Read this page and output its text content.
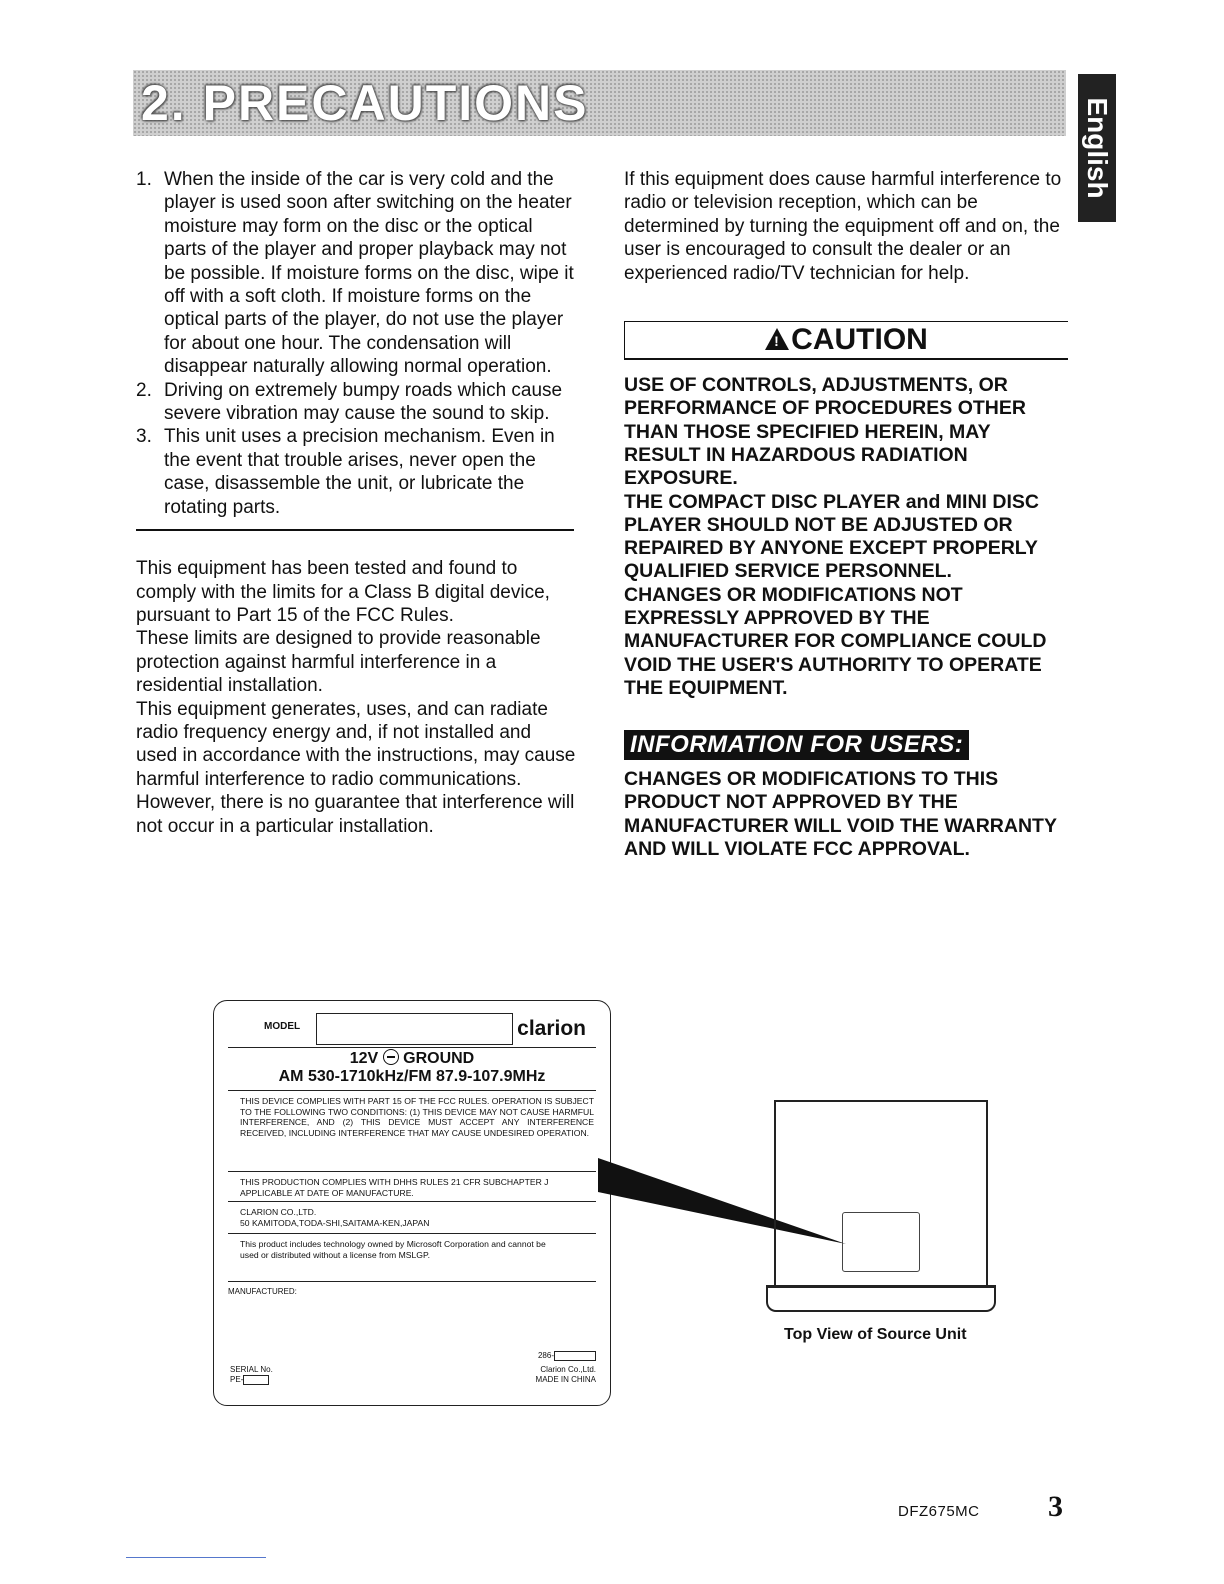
2. PRECAUTIONS	English
1. When the inside of the car is very cold and the player is used soon after switching on the heater moisture may form on the disc or the optical parts of the player and proper playback may not be possible. If moisture forms on the disc, wipe it off with a soft cloth. If moisture forms on the optical parts of the player, do not use the player for about one hour. The condensation will disappear naturally allowing normal operation.
2. Driving on extremely bumpy roads which cause severe vibration may cause the sound to skip.
3. This unit uses a precision mechanism. Even in the event that trouble arises, never open the case, disassemble the unit, or lubricate the rotating parts.

This equipment has been tested and found to comply with the limits for a Class B digital device, pursuant to Part 15 of the FCC Rules.

These limits are designed to provide reasonable protection against harmful interference in a residential installation.

This equipment generates, uses, and can radiate radio frequency energy and, if not installed and used in accordance with the instructions, may cause harmful interference to radio communications. However, there is no guarantee that interference will not occur in a particular installation.

If this equipment does cause harmful interference to radio or television reception, which can be determined by turning the equipment off and on, the user is encouraged to consult the dealer or an experienced radio/TV technician for help.

!CAUTION

USE OF CONTROLS, ADJUSTMENTS, OR PERFORMANCE OF PROCEDURES OTHER THAN THOSE SPECIFIED HEREIN, MAY RESULT IN HAZARDOUS RADIATION EXPOSURE.

THE COMPACT DISC PLAYER and MINI DISC PLAYER SHOULD NOT BE ADJUSTED OR REPAIRED BY ANYONE EXCEPT PROPERLY QUALIFIED SERVICE PERSONNEL.

CHANGES OR MODIFICATIONS NOT EXPRESSLY APPROVED BY THE MANUFACTURER FOR COMPLIANCE COULD VOID THE USER'S AUTHORITY TO OPERATE THE EQUIPMENT.

INFORMATION FOR USERS:

CHANGES OR MODIFICATIONS TO THIS PRODUCT NOT APPROVED BY THE MANUFACTURER WILL VOID THE WARRANTY AND WILL VIOLATE FCC APPROVAL.

MODEL	clarion
12V GROUND
AM 530-1710kHz/FM 87.9-107.9MHz
THIS DEVICE COMPLIES WITH PART 15 OF THE FCC RULES. OPERATION IS SUBJECT TO THE FOLLOWING TWO CONDITIONS: (1) THIS DEVICE MAY NOT CAUSE HARMFUL INTERFERENCE, AND (2) THIS DEVICE MUST ACCEPT ANY INTERFERENCE RECEIVED, INCLUDING INTERFERENCE THAT MAY CAUSE UNDESIRED OPERATION.
THIS PRODUCTION COMPLIES WITH DHHS RULES 21 CFR SUBCHAPTER J APPLICABLE AT DATE OF MANUFACTURE.
CLARION CO.,LTD.
50 KAMITODA,TODA-SHI,SAITAMA-KEN,JAPAN
This product includes technology owned by Microsoft Corporation and cannot be used or distributed without a license from MSLGP.
MANUFACTURED:
286-
SERIAL No.
PE-
Clarion Co.,Ltd.
MADE IN CHINA
Top View of Source Unit
DFZ675MC 3
